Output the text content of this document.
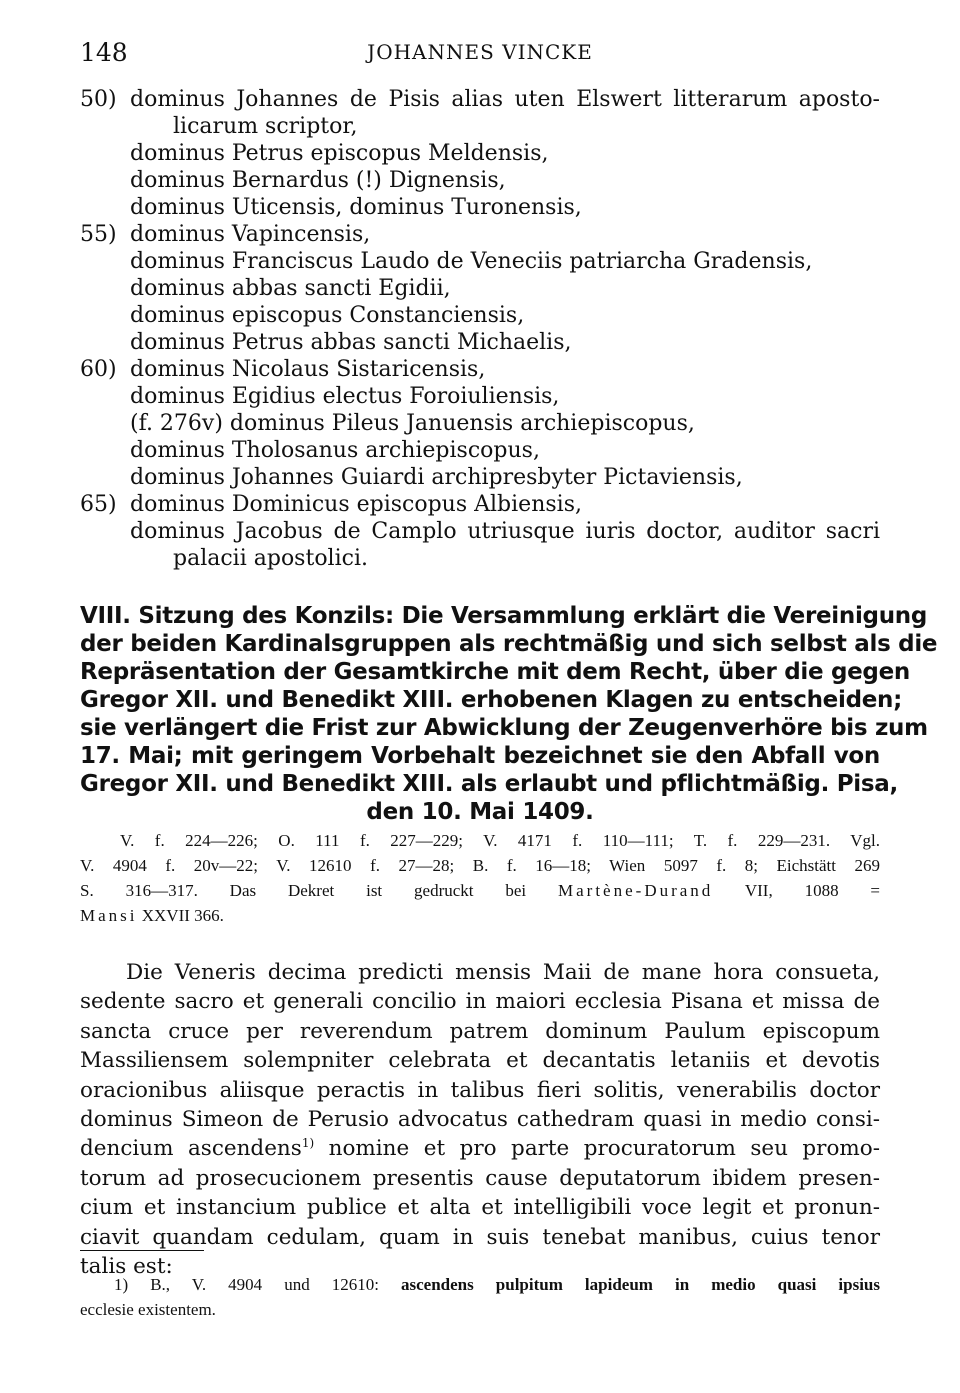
148	JOHANNES VINCKE
50) dominus Johannes de Pisis alias uten Elswert litterarum aposto-
licarum scriptor,
dominus Petrus episcopus Meldensis,
dominus Bernardus (!) Dignensis,
dominus Uticensis, dominus Turonensis,
55) dominus Vapincensis,
dominus Franciscus Laudo de Veneciis patriarcha Gradensis,
dominus abbas sancti Egidii,
dominus episcopus Constanciensis,
dominus Petrus abbas sancti Michaelis,
60) dominus Nicolaus Sistaricensis,
dominus Egidius electus Foroiuliensis,
(f. 276v) dominus Pileus Januensis archiepiscopus,
dominus Tholosanus archiepiscopus,
dominus Johannes Guiardi archipresbyter Pictaviensis,
65) dominus Dominicus episcopus Albiensis,
dominus Jacobus de Camplo utriusque iuris doctor, auditor sacri
palacii apostolici.
VIII. Sitzung des Konzils: Die Versammlung erklärt die Vereinigung
der beiden Kardinalsgruppen als rechtmäßig und sich selbst als die
Repräsentation der Gesamtkirche mit dem Recht, über die gegen
Gregor XII. und Benedikt XIII. erhobenen Klagen zu entscheiden;
sie verlängert die Frist zur Abwicklung der Zeugenverhöre bis zum
17. Mai; mit geringem Vorbehalt bezeichnet sie den Abfall von
Gregor XII. und Benedikt XIII. als erlaubt und pflichtmäßig. Pisa,
den 10. Mai 1409.
V. f. 224—226; O. 111 f. 227—229; V. 4171 f. 110—111; T. f. 229—231. Vgl.
V. 4904 f. 20v—22; V. 12610 f. 27—28; B. f. 16—18; Wien 5097 f. 8; Eichstätt 269
S. 316—317. Das Dekret ist gedruckt bei Martène-Durand VII, 1088 =
Mansi XXVII 366.
Die Veneris decima predicti mensis Maii de mane hora consueta,
sedente sacro et generali concilio in maiori ecclesia Pisana et missa de
sancta cruce per reverendum patrem dominum Paulum episcopum
Massiliensem solempniter celebrata et decantatis letaniis et devotis
oracionibus aliisque peractis in talibus fieri solitis, venerabilis doctor
dominus Simeon de Perusio advocatus cathedram quasi in medio consi-
dencium ascendens$^{1)}$ nomine et pro parte procuratorum seu promo-
torum ad prosecucionem presentis cause deputatorum ibidem presen-
cium et instancium publice et alta et intelligibili voce legit et pronun-
ciavit quandam cedulam, quam in suis tenebat manibus, cuius tenor
talis est:
1) B., V. 4904 und 12610: ascendens pulpitum lapideum in medio quasi ipsius
ecclesie existentem.
